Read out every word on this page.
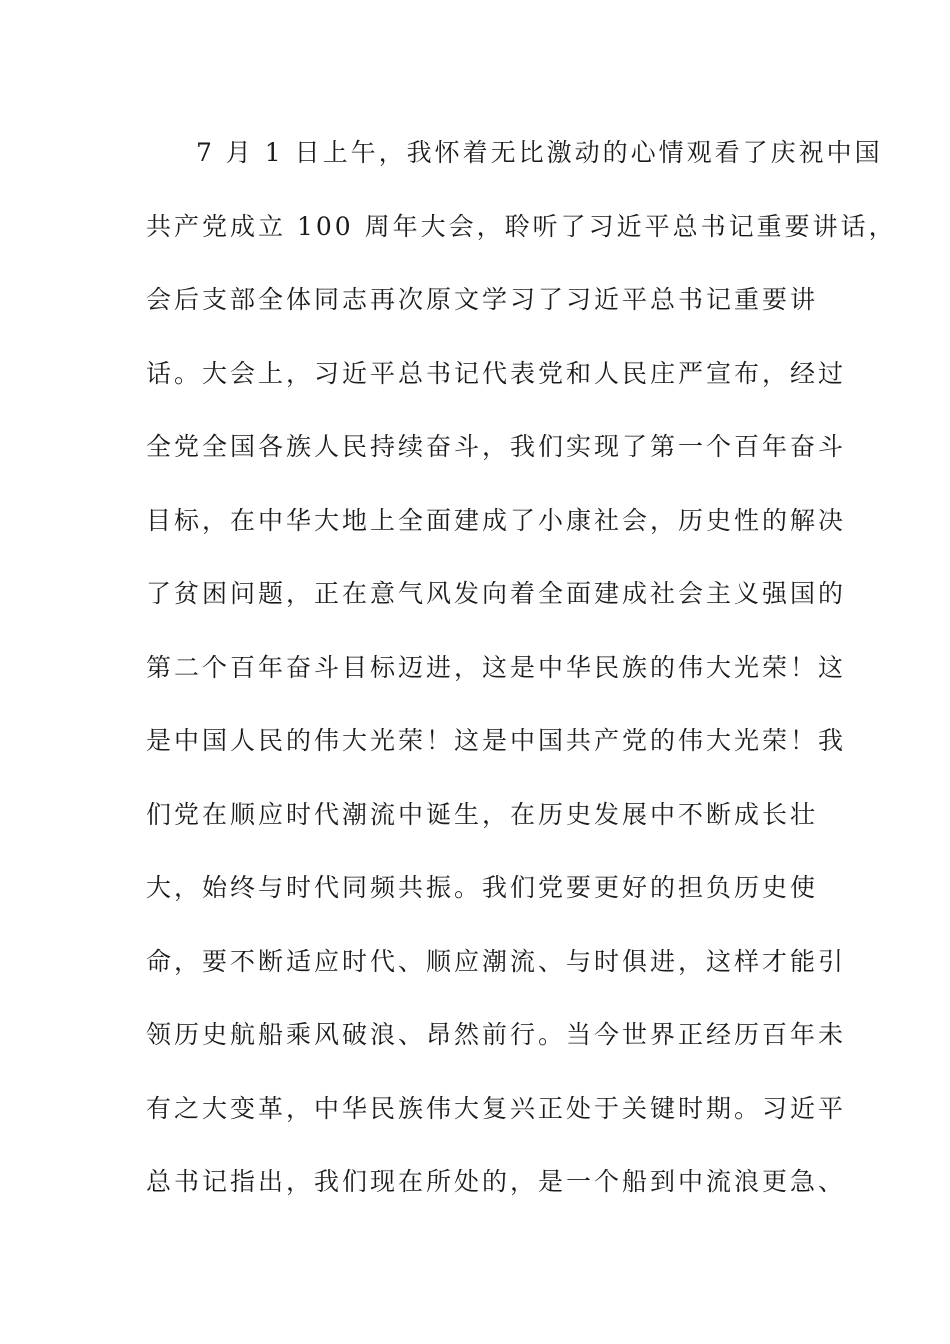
7 月 1 日上午，我怀着无比激动的心情观看了庆祝中国
共产党成立 100 周年大会，聆听了习近平总书记重要讲话，
会后支部全体同志再次原文学习了习近平总书记重要讲
话。大会上，习近平总书记代表党和人民庄严宣布，经过
全党全国各族人民持续奋斗，我们实现了第一个百年奋斗
目标，在中华大地上全面建成了小康社会，历史性的解决
了贫困问题，正在意气风发向着全面建成社会主义强国的
第二个百年奋斗目标迈进，这是中华民族的伟大光荣！这
是中国人民的伟大光荣！这是中国共产党的伟大光荣！我
们党在顺应时代潮流中诞生，在历史发展中不断成长壮
大，始终与时代同频共振。我们党要更好的担负历史使
命，要不断适应时代、顺应潮流、与时俱进，这样才能引
领历史航船乘风破浪、昂然前行。当今世界正经历百年未
有之大变革，中华民族伟大复兴正处于关键时期。习近平
总书记指出，我们现在所处的，是一个船到中流浪更急、
